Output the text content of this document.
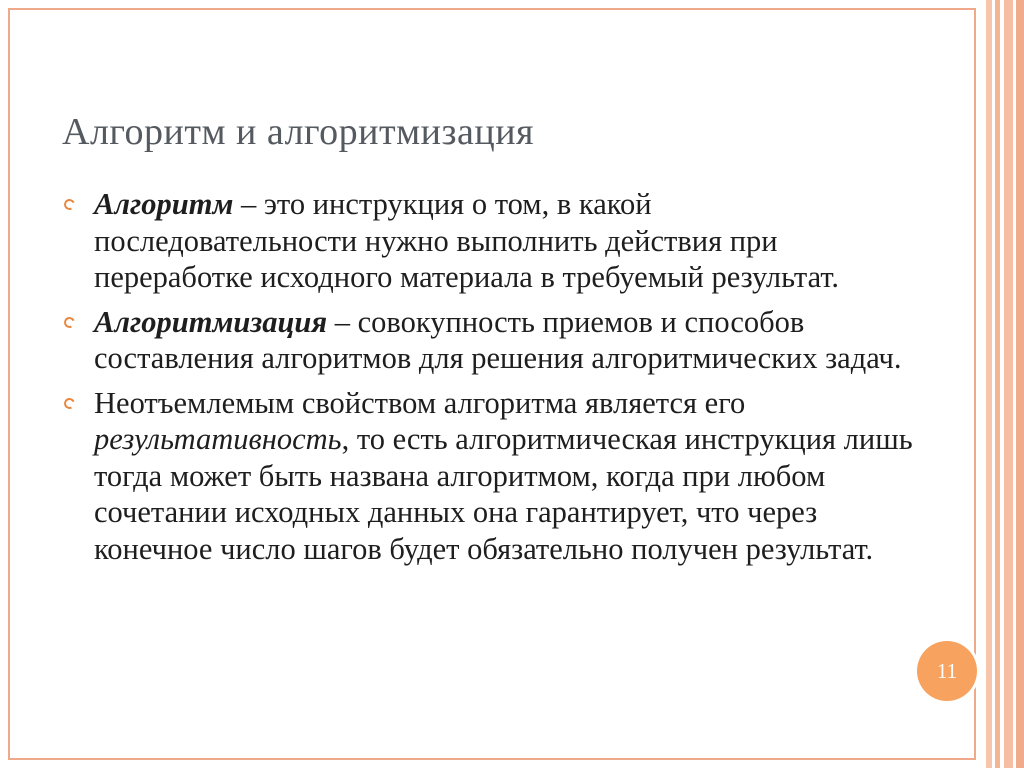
Алгоритм и алгоритмизация
Алгоритм – это инструкция о том, в какой последовательности нужно выполнить действия при переработке исходного материала в требуемый результат.
Алгоритмизация – совокупность приемов и способов составления алгоритмов для решения алгоритмических задач.
Неотъемлемым свойством алгоритма является его результативность, то есть алгоритмическая инструкция лишь тогда может быть названа алгоритмом, когда при любом сочетании исходных данных она гарантирует, что через конечное число шагов будет обязательно получен результат.
11
